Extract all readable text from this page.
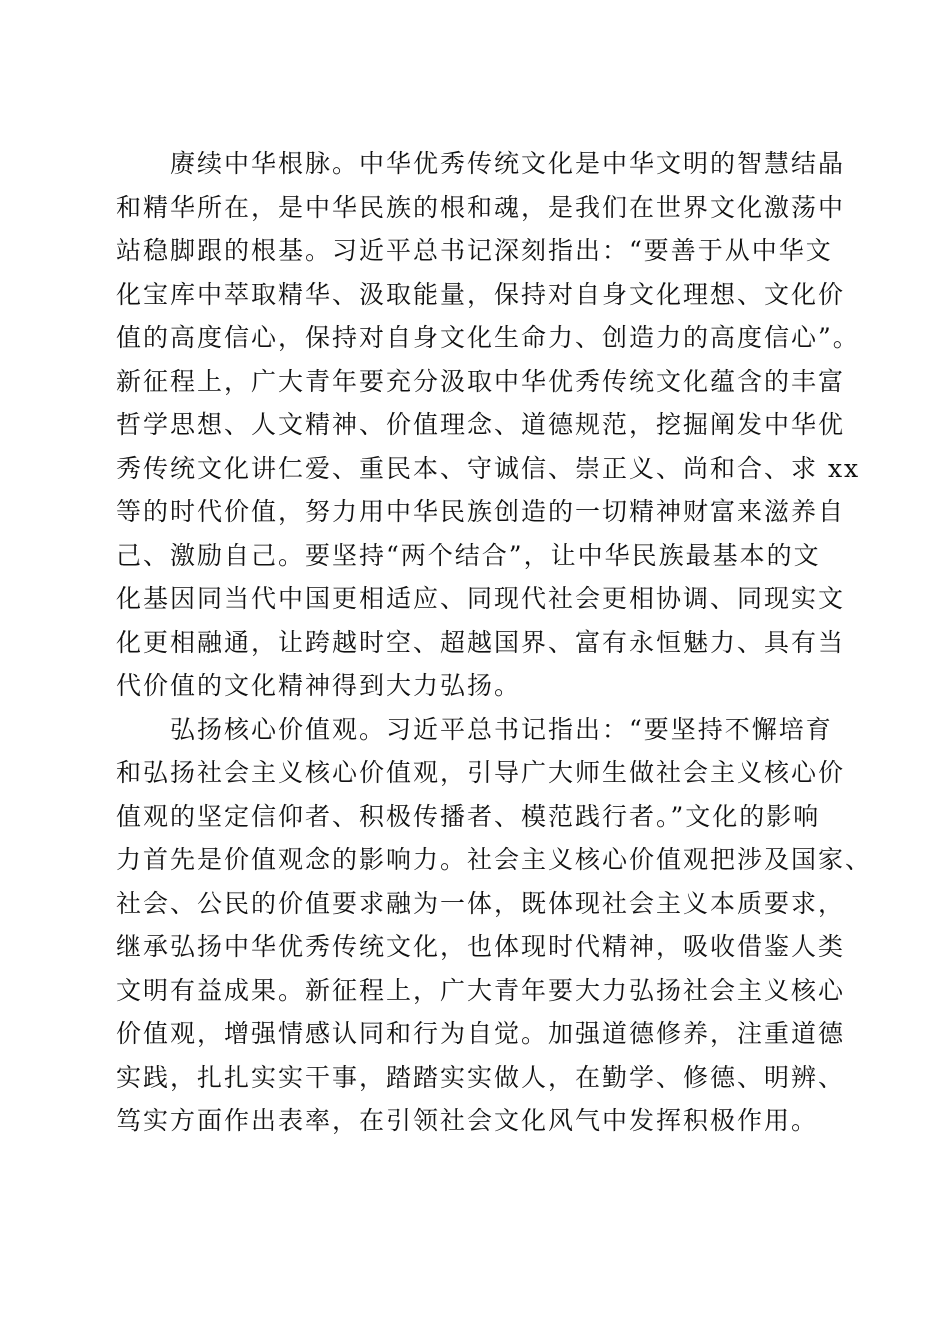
赓续中华根脉。中华优秀传统文化是中华文明的智慧结晶
和精华所在，是中华民族的根和魂，是我们在世界文化激荡中
站稳脚跟的根基。习近平总书记深刻指出：“要善于从中华文
化宝库中萃取精华、汲取能量，保持对自身文化理想、文化价
值的高度信心，保持对自身文化生命力、创造力的高度信心”。
新征程上，广大青年要充分汲取中华优秀传统文化蕴含的丰富
哲学思想、人文精神、价值理念、道德规范，挖掘阐发中华优
秀传统文化讲仁爱、重民本、守诚信、崇正义、尚和合、求 xx
等的时代价值，努力用中华民族创造的一切精神财富来滋养自
己、激励自己。要坚持“两个结合”，让中华民族最基本的文
化基因同当代中国更相适应、同现代社会更相协调、同现实文
化更相融通，让跨越时空、超越国界、富有永恒魅力、具有当
代价值的文化精神得到大力弘扬。

弘扬核心价值观。习近平总书记指出：“要坚持不懈培育
和弘扬社会主义核心价值观，引导广大师生做社会主义核心价
值观的坚定信仰者、积极传播者、模范践行者。”文化的影响
力首先是价值观念的影响力。社会主义核心价值观把涉及国家、
社会、公民的价值要求融为一体，既体现社会主义本质要求，
继承弘扬中华优秀传统文化，也体现时代精神，吸收借鉴人类
文明有益成果。新征程上，广大青年要大力弘扬社会主义核心
价值观，增强情感认同和行为自觉。加强道德修养，注重道德
实践，扎扎实实干事，踏踏实实做人，在勤学、修德、明辨、
笃实方面作出表率，在引领社会文化风气中发挥积极作用。
